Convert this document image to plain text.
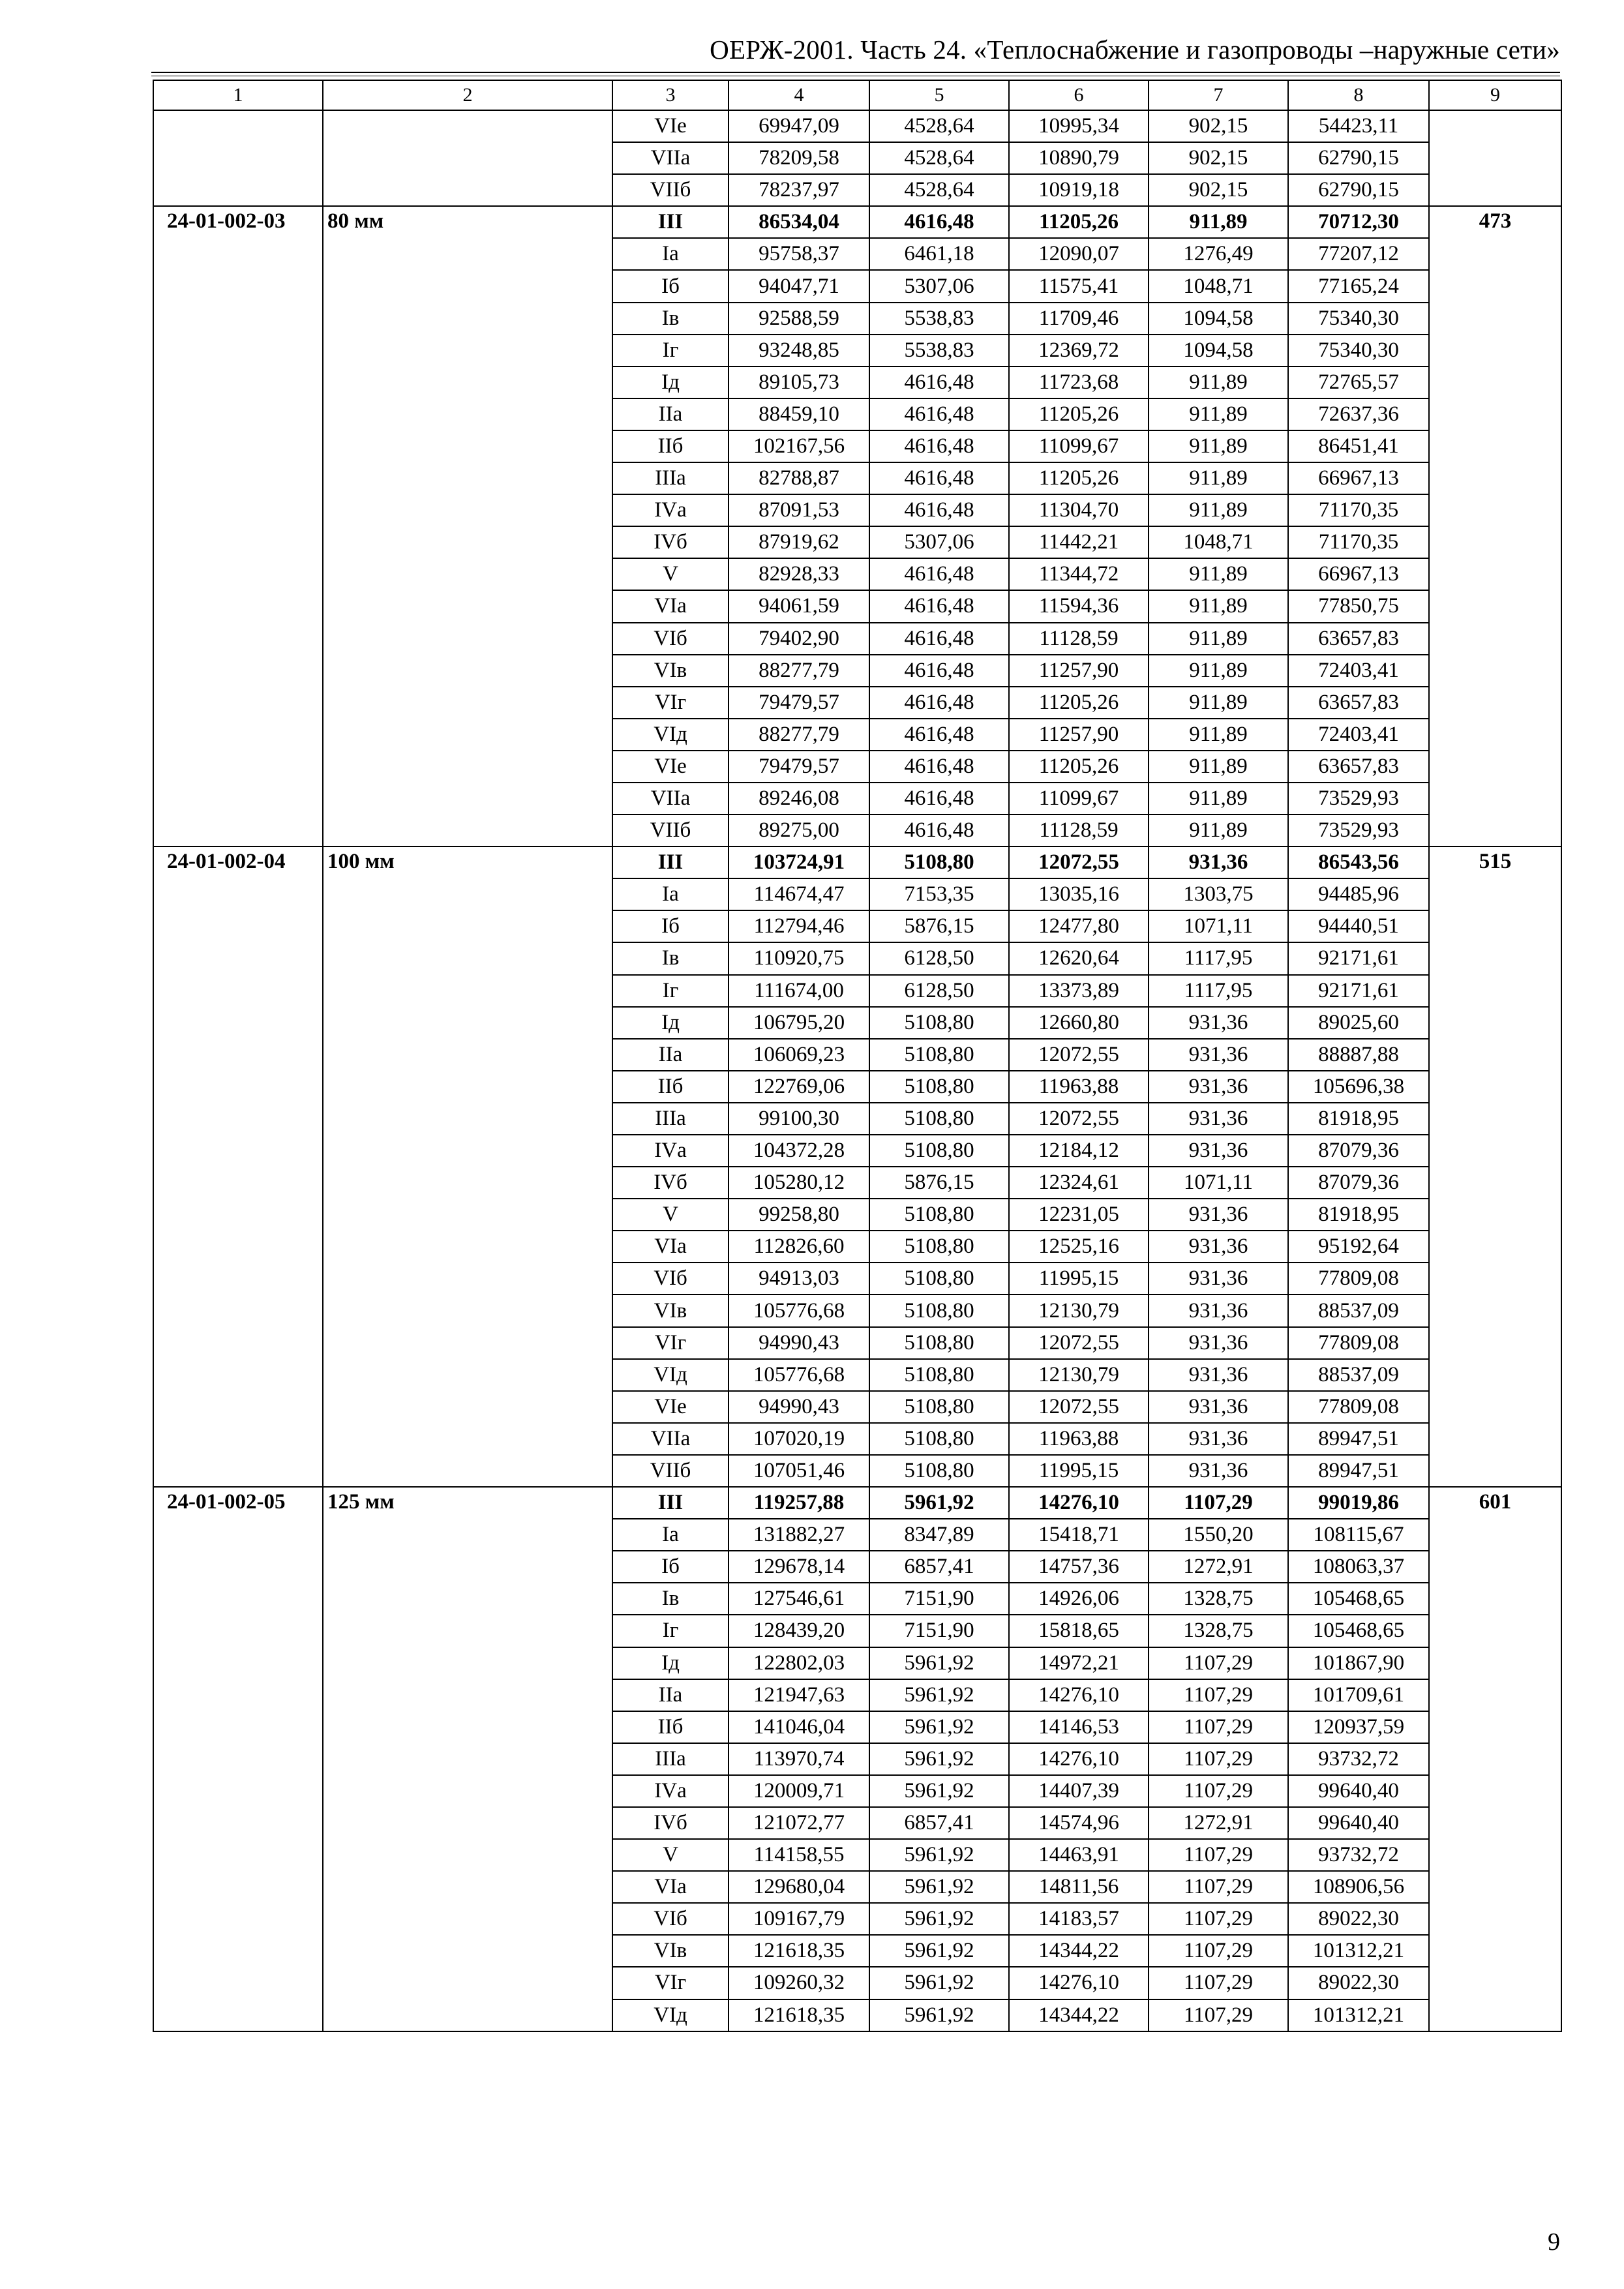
ОЕРЖ-2001. Часть 24. «Теплоснабжение и газопроводы –наружные сети»
1	2	3	4	5	6	7	8	9
		VIе	69947,09	4528,64	10995,34	902,15	54423,11	
		VIIа	78209,58	4528,64	10890,79	902,15	62790,15	
		VIIб	78237,97	4528,64	10919,18	902,15	62790,15	
24-01-002-03	80 мм	III	86534,04	4616,48	11205,26	911,89	70712,30	473
		Iа	95758,37	6461,18	12090,07	1276,49	77207,12	
		Iб	94047,71	5307,06	11575,41	1048,71	77165,24	
		Iв	92588,59	5538,83	11709,46	1094,58	75340,30	
		Iг	93248,85	5538,83	12369,72	1094,58	75340,30	
		Iд	89105,73	4616,48	11723,68	911,89	72765,57	
		IIа	88459,10	4616,48	11205,26	911,89	72637,36	
		IIб	102167,56	4616,48	11099,67	911,89	86451,41	
		IIIа	82788,87	4616,48	11205,26	911,89	66967,13	
		IVа	87091,53	4616,48	11304,70	911,89	71170,35	
		IVб	87919,62	5307,06	11442,21	1048,71	71170,35	
		V	82928,33	4616,48	11344,72	911,89	66967,13	
		VIа	94061,59	4616,48	11594,36	911,89	77850,75	
		VIб	79402,90	4616,48	11128,59	911,89	63657,83	
		VIв	88277,79	4616,48	11257,90	911,89	72403,41	
		VIг	79479,57	4616,48	11205,26	911,89	63657,83	
		VIд	88277,79	4616,48	11257,90	911,89	72403,41	
		VIе	79479,57	4616,48	11205,26	911,89	63657,83	
		VIIа	89246,08	4616,48	11099,67	911,89	73529,93	
		VIIб	89275,00	4616,48	11128,59	911,89	73529,93	
24-01-002-04	100 мм	III	103724,91	5108,80	12072,55	931,36	86543,56	515
		Iа	114674,47	7153,35	13035,16	1303,75	94485,96	
		Iб	112794,46	5876,15	12477,80	1071,11	94440,51	
		Iв	110920,75	6128,50	12620,64	1117,95	92171,61	
		Iг	111674,00	6128,50	13373,89	1117,95	92171,61	
		Iд	106795,20	5108,80	12660,80	931,36	89025,60	
		IIа	106069,23	5108,80	12072,55	931,36	88887,88	
		IIб	122769,06	5108,80	11963,88	931,36	105696,38	
		IIIа	99100,30	5108,80	12072,55	931,36	81918,95	
		IVа	104372,28	5108,80	12184,12	931,36	87079,36	
		IVб	105280,12	5876,15	12324,61	1071,11	87079,36	
		V	99258,80	5108,80	12231,05	931,36	81918,95	
		VIа	112826,60	5108,80	12525,16	931,36	95192,64	
		VIб	94913,03	5108,80	11995,15	931,36	77809,08	
		VIв	105776,68	5108,80	12130,79	931,36	88537,09	
		VIг	94990,43	5108,80	12072,55	931,36	77809,08	
		VIд	105776,68	5108,80	12130,79	931,36	88537,09	
		VIе	94990,43	5108,80	12072,55	931,36	77809,08	
		VIIа	107020,19	5108,80	11963,88	931,36	89947,51	
		VIIб	107051,46	5108,80	11995,15	931,36	89947,51	
24-01-002-05	125 мм	III	119257,88	5961,92	14276,10	1107,29	99019,86	601
		Iа	131882,27	8347,89	15418,71	1550,20	108115,67	
		Iб	129678,14	6857,41	14757,36	1272,91	108063,37	
		Iв	127546,61	7151,90	14926,06	1328,75	105468,65	
		Iг	128439,20	7151,90	15818,65	1328,75	105468,65	
		Iд	122802,03	5961,92	14972,21	1107,29	101867,90	
		IIа	121947,63	5961,92	14276,10	1107,29	101709,61	
		IIб	141046,04	5961,92	14146,53	1107,29	120937,59	
		IIIа	113970,74	5961,92	14276,10	1107,29	93732,72	
		IVа	120009,71	5961,92	14407,39	1107,29	99640,40	
		IVб	121072,77	6857,41	14574,96	1272,91	99640,40	
		V	114158,55	5961,92	14463,91	1107,29	93732,72	
		VIа	129680,04	5961,92	14811,56	1107,29	108906,56	
		VIб	109167,79	5961,92	14183,57	1107,29	89022,30	
		VIв	121618,35	5961,92	14344,22	1107,29	101312,21	
		VIг	109260,32	5961,92	14276,10	1107,29	89022,30	
		VIд	121618,35	5961,92	14344,22	1107,29	101312,21	
9
